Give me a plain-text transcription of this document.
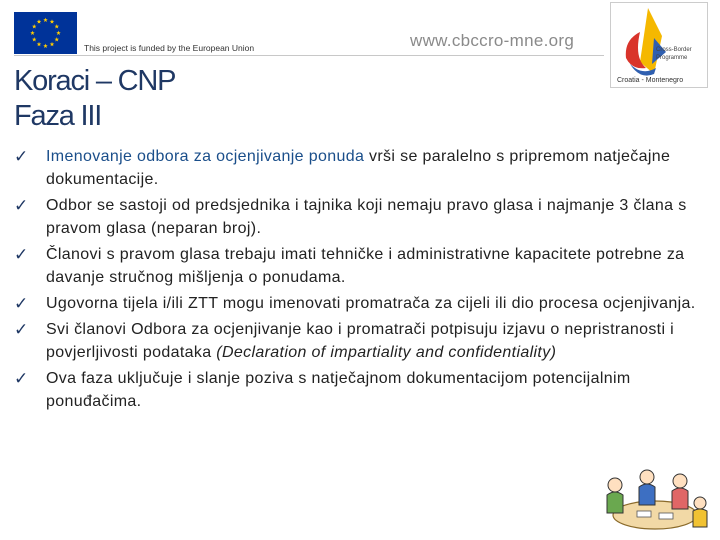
This project is funded by the European Union	www.cbccro-mne.org	Cross-Border
Programme
Croatia - Montenegro
Koraci – CNP
Faza III
✓ Imenovanje odbora za ocjenjivanje ponuda vrši se paralelno s pripremom natječajne dokumentacije.
✓ Odbor se sastoji od predsjednika i tajnika koji nemaju pravo glasa i najmanje 3 člana s pravom glasa (neparan broj).
✓ Članovi s pravom glasa trebaju imati tehničke i administrativne kapacitete potrebne za davanje stručnog mišljenja o ponudama.
✓ Ugovorna tijela i/ili ZTT mogu imenovati promatrača za cijeli ili dio procesa ocjenjivanja.
✓ Svi članovi Odbora za ocjenjivanje kao i promatrači potpisuju izjavu o nepristranosti i povjerljivosti podataka (Declaration of impartiality and confidentiality)
✓ Ova faza uključuje i slanje poziva s natječajnom dokumentacijom potencijalnim ponuđačima.
